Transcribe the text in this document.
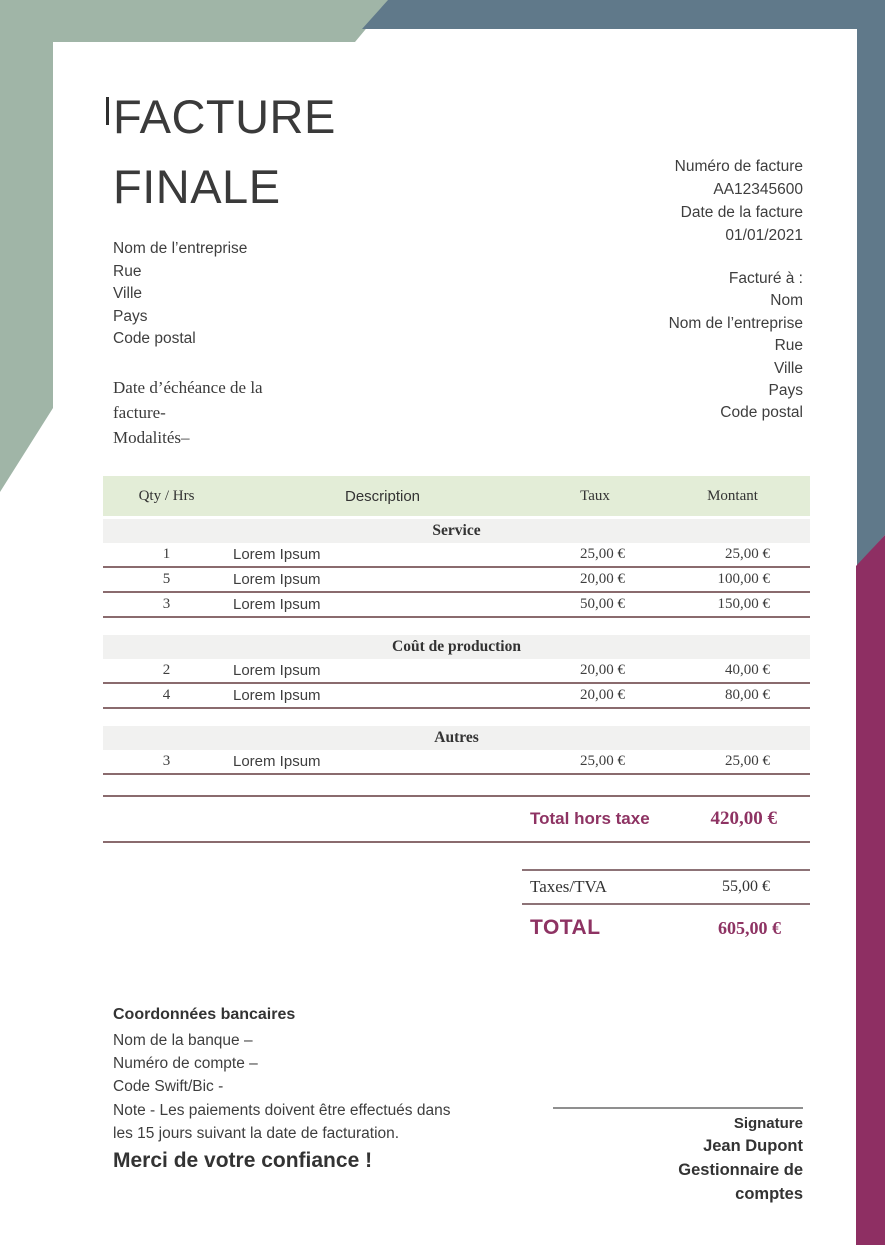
FACTURE
FINALE	Numéro de facture
AA12345600
Date de la facture
01/01/2021
Nom de l’entreprise
Rue
Ville
Pays
Code postal
Date d’échéance de la
facture-
Modalités–
Facturé à :
Nom
Nom de l’entreprise
Rue
Ville
Pays
Code postal
Qty / Hrs	Description	Taux	Montant
Service
1	Lorem Ipsum	25,00 €	25,00 €
5	Lorem Ipsum	20,00 €	100,00 €
3	Lorem Ipsum	50,00 €	150,00 €
Coût de production
2	Lorem Ipsum	20,00 €	40,00 €
4	Lorem Ipsum	20,00 €	80,00 €
Autres
3	Lorem Ipsum	25,00 €	25,00 €
Total hors taxe	420,00 €
Taxes/TVA	55,00 €
TOTAL	605,00 €
Coordonnées bancaires
Nom de la banque –
Numéro de compte –
Code Swift/Bic -
Note - Les paiements doivent être effectués dans
les 15 jours suivant la date de facturation.
Merci de votre confiance !
Signature
Jean Dupont
Gestionnaire de
comptes
